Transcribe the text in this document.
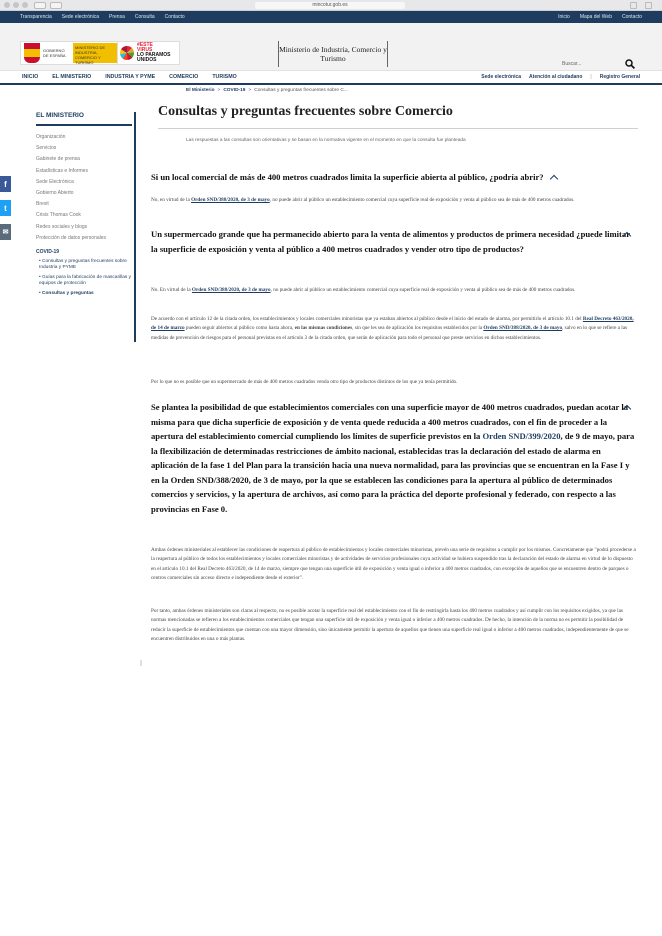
mincotur.gob.es
Transparencia Sede electrónica Prensa Consulta Contacto	Inicio Mapa del Web Contacto
GOBIERNO DE ESPAÑA
MINISTERIO DE INDUSTRIA, COMERCIO Y TURISMO
#ESTE
VIRUS
LO PARAMOS
UNIDOS
Ministerio de Industria, Comercio y Turismo
Buscar...
INICIO	EL MINISTERIO	INDUSTRIA Y PYME	COMERCIO	TURISMO	Sede electrónica Atención al ciudadano | Registro General
El Ministerio > COVID-19 > Consultas y preguntas frecuentes sobre C...
f
t
✉
EL MINISTERIO
Organización
Servicios
Gabinete de prensa
Estadísticas e Informes
Sede Electrónica
Gobierno Abierto
Brexit
Crisis Thomas Cook
Redes sociales y blogs
Protección de datos personales
COVID-19
• Consultas y preguntas frecuentes sobre Industria y PYME
• Guías para la fabricación de mascarillas y equipos de protección
• Consultas y preguntas
Consultas y preguntas frecuentes sobre Comercio
Las respuestas a las consultas son orientativas y se basan en la normativa vigente en el momento en que la consulta fue planteada
Si un local comercial de más de 400 metros cuadrados limita la superficie abierta al público, ¿podría abrir?
No, en virtud de la Orden SND/388/2020, de 3 de mayo, no puede abrir al público un establecimiento comercial cuya superficie real de exposición y venta al público sea de más de 400 metros cuadrados.
Un supermercado grande que ha permanecido abierto para la venta de alimentos y productos de primera necesidad ¿puede limitar la superficie de exposición y venta al público a 400 metros cuadrados y vender otro tipo de productos?
No. En virtud de la Orden SND/388/2020, de 3 de mayo, no puede abrir al público un establecimiento comercial cuya superficie real de exposición y venta al público sea de más de 400 metros cuadrados.
De acuerdo con el artículo 12 de la citada orden, los establecimientos y locales comerciales minoristas que ya estaban abiertos al público desde el inicio del estado de alarma, por permitirlo el artículo 10.1 del Real Decreto 463/2020, de 14 de marzo pueden seguir abiertos al público como hasta ahora, en las mismas condiciones, sin que les sea de aplicación los requisitos establecidos por la Orden SND/388/2020, de 3 de mayo, salvo en lo que se refiere a las medidas de prevención de riesgos para el personal previstas en el artículo 3 de la citada orden, que serán de aplicación para todo el personal que preste servicios en dichos establecimientos.
Por lo que no es posible que un supermercado de más de 400 metros cuadrados venda otro tipo de productos distintos de los que ya tenía permitido.
Se plantea la posibilidad de que establecimientos comerciales con una superficie mayor de 400 metros cuadrados, puedan acotar la misma para que dicha superficie de exposición y de venta quede reducida a 400 metros cuadrados, con el fin de proceder a la apertura del establecimiento comercial cumpliendo los límites de superficie previstos en la Orden SND/399/2020, de 9 de mayo, para la flexibilización de determinadas restricciones de ámbito nacional, establecidas tras la declaración del estado de alarma en aplicación de la fase 1 del Plan para la transición hacia una nueva normalidad, para las provincias que se encuentran en la Fase I y en la Orden SND/388/2020, de 3 de mayo, por la que se establecen las condiciones para la apertura al público de determinados comercios y servicios, y la apertura de archivos, así como para la práctica del deporte profesional y federado, con respecto a las provincias en Fase 0.
Ambas órdenes ministeriales al establecer las condiciones de reapertura al público de establecimientos y locales comerciales minoristas, prevén una serie de requisitos a cumplir por los mismos. Concretamente que "podrá procederse a la reapertura al público de todos los establecimientos y locales comerciales minoristas y de actividades de servicios profesionales cuya actividad se hubiera suspendido tras la declaración del estado de alarma en virtud de lo dispuesto en el artículo 10.1 del Real Decreto 463/2020, de 14 de marzo, siempre que tengan una superficie útil de exposición y venta igual o inferior a 400 metros cuadrados, con excepción de aquellos que se encuentren dentro de parques o centros comerciales sin acceso directo e independiente desde el exterior".
Por tanto, ambas órdenes ministeriales son claras al respecto, no es posible acotar la superficie real del establecimiento con el fin de restringirla hasta los 400 metros cuadrados y así cumplir con los requisitos exigidos, ya que las normas mencionadas se refieren a los establecimientos comerciales que tengan una superficie útil de exposición y venta igual o inferior a 400 metros cuadrados. De hecho, la intención de la norma no es permitir la posibilidad de reducir la superficie de establecimientos que cuentan con una mayor dimensión, sino únicamente permitir la apertura de aquellos que tienen una superficie real igual o inferior a 400 metros cuadrados, independientemente de que se encuentren distribuidos en una o más plantas.
